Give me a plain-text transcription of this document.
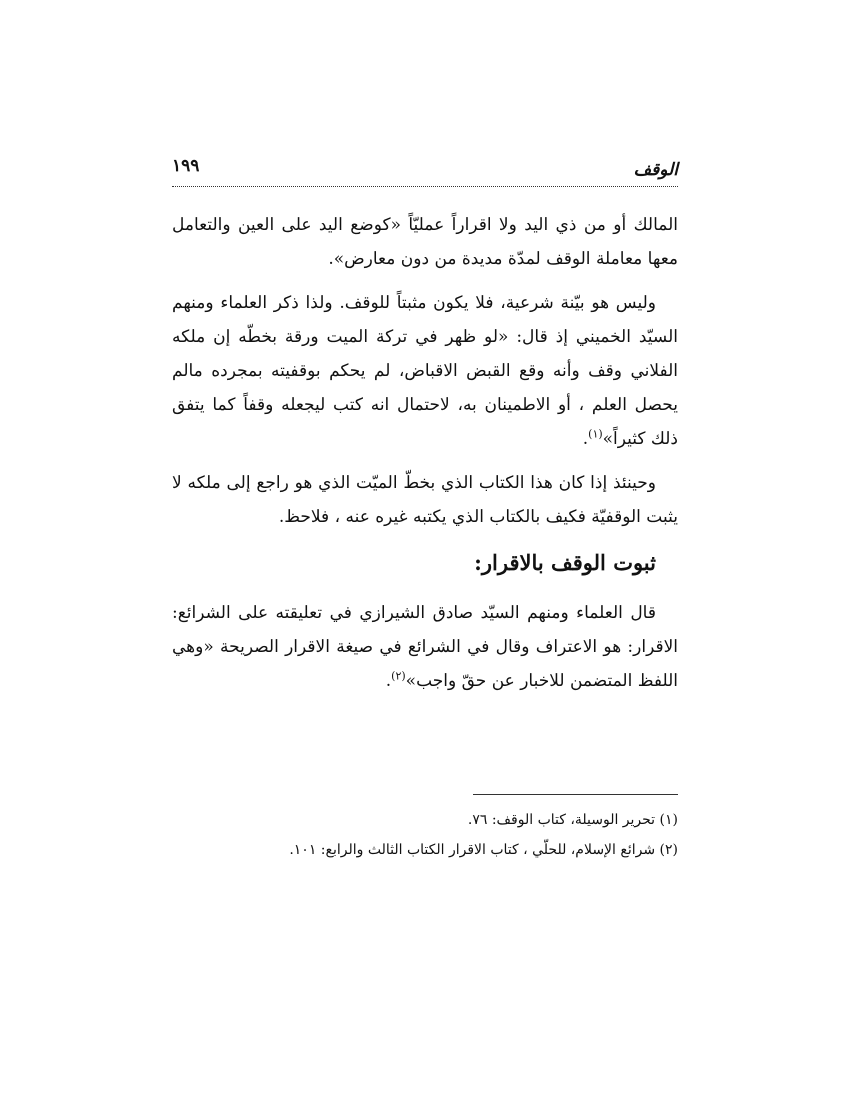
الوقف
١٩٩

المالك أو من ذي اليد ولا اقراراً عمليّاً «كوضع اليد على العين والتعامل معها معاملة الوقف لمدّة مديدة من دون معارض».

وليس هو بيّنة شرعية، فلا يكون مثبتاً للوقف. ولذا ذكر العلماء ومنهم السيّد الخميني إذ قال: «لو ظهر في تركة الميت ورقة بخطّه إن ملكه الفلاني وقف وأنه وقع القبض الاقباض، لم يحكم بوقفيته بمجرده مالم يحصل العلم ، أو الاطمينان به، لاحتمال انه كتب ليجعله وقفاً كما يتفق ذلك كثيراً»$^{(١)}$.

وحينئذ إذا كان هذا الكتاب الذي بخطّ الميّت الذي هو راجع إلى ملكه لا يثبت الوقفيّة فكيف بالكتاب الذي يكتبه غيره عنه ، فلاحظ.

ثبوت الوقف بالاقرار:

قال العلماء ومنهم السيّد صادق الشيرازي في تعليقته على الشرائع: الاقرار: هو الاعتراف وقال في الشرائع في صيغة الاقرار الصريحة «وهي اللفظ المتضمن للاخبار عن حقّ واجب»$^{(٢)}$.

(١) تحرير الوسيلة، كتاب الوقف: ٧٦.
(٢) شرائع الإسلام، للحلّي ، كتاب الاقرار الكتاب الثالث والرابع: ١٠١.
